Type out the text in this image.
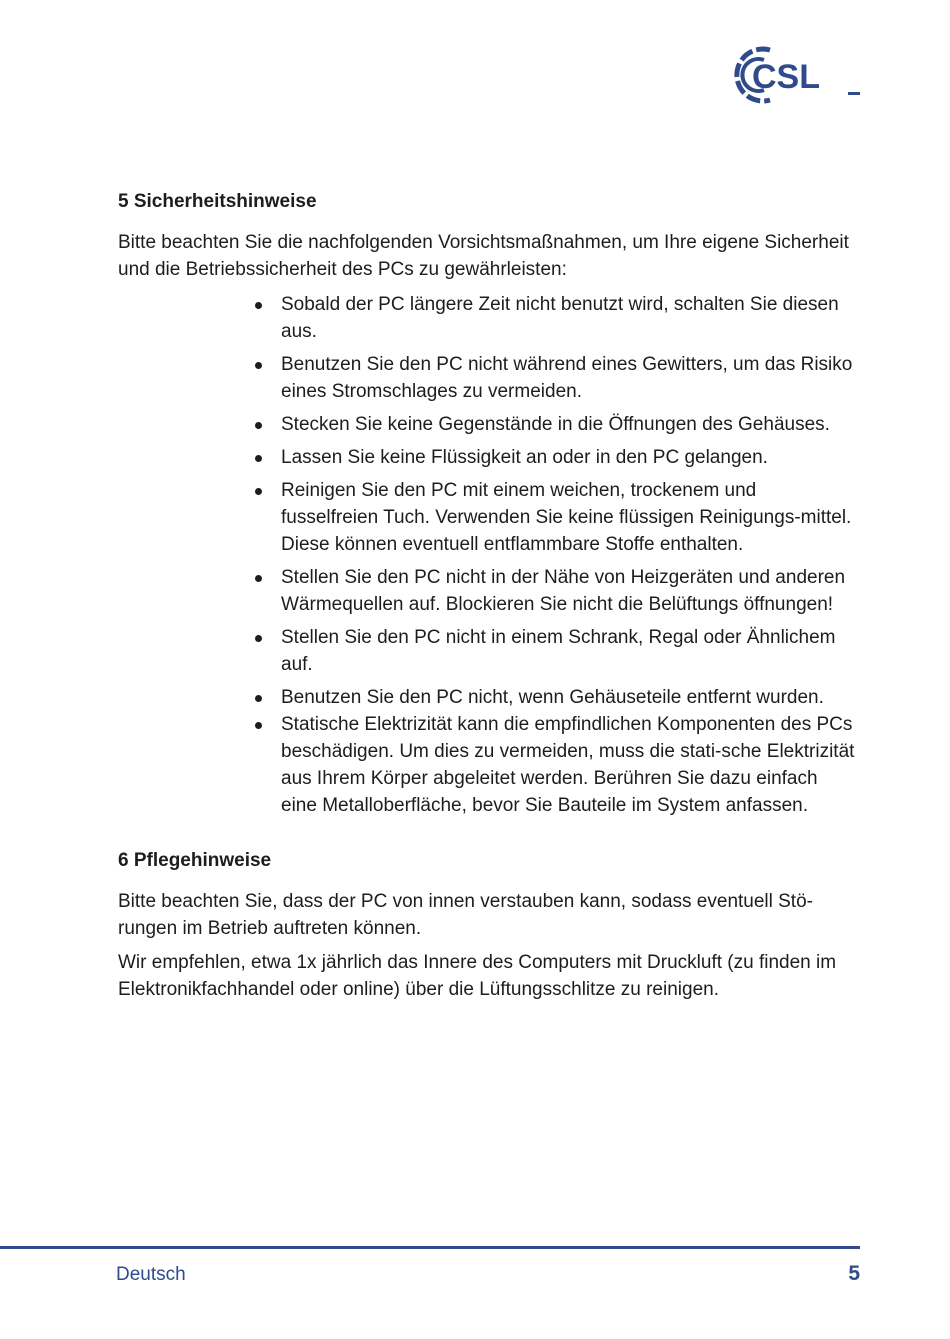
CSL
5 Sicherheitshinweise

Bitte beachten Sie die nachfolgenden Vorsichtsmaßnahmen, um Ihre eigene Sicherheit und die Betriebssicherheit des PCs zu gewährleisten:

Sobald der PC längere Zeit nicht benutzt wird, schalten Sie diesen aus.
Benutzen Sie den PC nicht während eines Gewitters, um das Risiko eines Stromschlages zu vermeiden.
Stecken Sie keine Gegenstände in die Öffnungen des Gehäuses.
Lassen Sie keine Flüssigkeit an oder in den PC gelangen.
Reinigen Sie den PC mit einem weichen, trockenem und fusselfreien Tuch. Verwenden Sie keine flüssigen Reinigungs-mittel. Diese können eventuell entflammbare Stoffe enthalten.
Stellen Sie den PC nicht in der Nähe von Heizgeräten und anderen Wärmequellen auf. Blockieren Sie nicht die Belüftungs öffnungen!
Stellen Sie den PC nicht in einem Schrank, Regal oder Ähnlichem auf.
Benutzen Sie den PC nicht, wenn Gehäuseteile entfernt wurden.
Statische Elektrizität kann die empfindlichen Komponenten des PCs beschädigen. Um dies zu vermeiden, muss die stati-sche Elektrizität aus Ihrem Körper abgeleitet werden. Berühren Sie dazu einfach eine Metalloberfläche, bevor Sie Bauteile im System anfassen.
6 Pflegehinweise

Bitte beachten Sie, dass der PC von innen verstauben kann, sodass eventuell Stö-rungen im Betrieb auftreten können.

Wir empfehlen, etwa 1x jährlich das Innere des Computers mit Druckluft (zu finden im Elektronikfachhandel oder online) über die Lüftungsschlitze zu reinigen.

Deutsch	5
